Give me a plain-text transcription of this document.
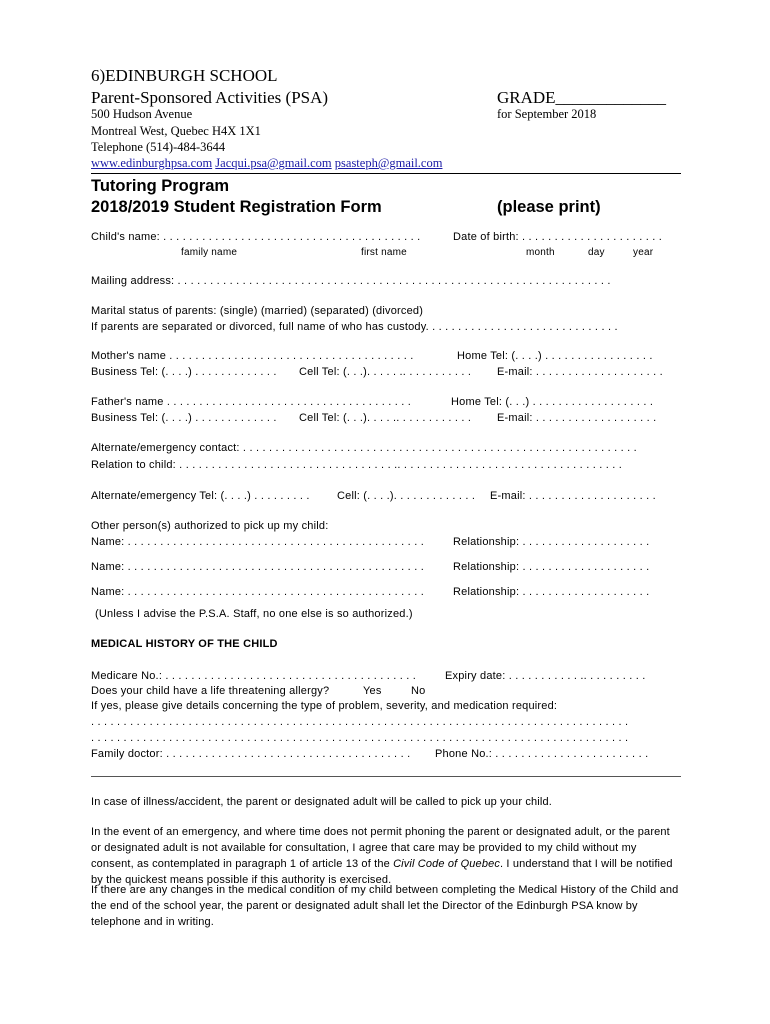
6)EDINBURGH SCHOOL
Parent-Sponsored Activities (PSA)	GRADE_____________
500 Hudson Avenue	for September 2018
Montreal West, Quebec H4X 1X1
Telephone (514)-484-3644
www.edinburghpsa.com Jacqui.psa@gmail.com psasteph@gmail.com
Tutoring Program
2018/2019 Student Registration Form	(please print)
Child's name: . . . . . . . . . . . . . . . . . . . . . . . . . . . . . . . . . . . . . . . .	Date of birth: . . . . . . . . . . . . . . . . . . . . . .
family name	first name	month	day	year
Mailing address: . . . . . . . . . . . . . . . . . . . . . . . . . . . . . . . . . . . . . . . . . . . . . . . . . . . . . . . . . . . . . . . . . . .
Marital status of parents: (single) (married) (separated) (divorced)
If parents are separated or divorced, full name of who has custody. . . . . . . . . . . . . . . . . . . . . . . . . . . . . .
Mother's name . . . . . . . . . . . . . . . . . . . . . . . . . . . . . . . . . . . . . .	Home Tel: (. . . .) . . . . . . . . . . . . . . . . .
Business Tel: (. . . .) . . . . . . . . . . . . . Cell Tel: (. . .). . . . . .. . . . . . . . . . . E-mail: . . . . . . . . . . . . . . . . . . . .
Father's name . . . . . . . . . . . . . . . . . . . . . . . . . . . . . . . . . . . . . .	Home Tel: (. . .) . . . . . . . . . . . . . . . . . . .
Business Tel: (. . . .) . . . . . . . . . . . . . Cell Tel: (. . .). . . . .. . . . . . . . . . . . E-mail: . . . . . . . . . . . . . . . . . . .
Alternate/emergency contact: . . . . . . . . . . . . . . . . . . . . . . . . . . . . . . . . . . . . . . . . . . . . . . . . . . . . . . . . . . . . .
Relation to child: . . . . . . . . . . . . . . . . . . . . . . . . . . . . . . . . . .. . . . . . . . . . . . . . . . . . . . . . . . . . . . . . . . . . .
Alternate/emergency Tel: (. . . .) . . . . . . . . . Cell: (. . . .). . . . . . . . . . . . . E-mail: . . . . . . . . . . . . . . . . . . . .
Other person(s) authorized to pick up my child:
Name: . . . . . . . . . . . . . . . . . . . . . . . . . . . . . . . . . . . . . . . . . . . . . .	Relationship: . . . . . . . . . . . . . . . . . . . .
Name: . . . . . . . . . . . . . . . . . . . . . . . . . . . . . . . . . . . . . . . . . . . . . .	Relationship: . . . . . . . . . . . . . . . . . . . .
Name: . . . . . . . . . . . . . . . . . . . . . . . . . . . . . . . . . . . . . . . . . . . . . .	Relationship: . . . . . . . . . . . . . . . . . . . .
(Unless I advise the P.S.A. Staff, no one else is so authorized.)
MEDICAL HISTORY OF THE CHILD
Medicare No.: . . . . . . . . . . . . . . . . . . . . . . . . . . . . . . . . . . . . . . .	Expiry date: . . . . . . . . . . . .. . . . . . . . . .
Does your child have a life threatening allergy?	Yes	No
If yes, please give details concerning the type of problem, severity, and medication required:
. . . . . . . . . . . . . . . . . . . . . . . . . . . . . . . . . . . . . . . . . . . . . . . . . . . . . . . . . . . . . . . . . . . . . . . . . . . . . . . . . . .
. . . . . . . . . . . . . . . . . . . . . . . . . . . . . . . . . . . . . . . . . . . . . . . . . . . . . . . . . . . . . . . . . . . . . . . . . . . . . . . . . . .
Family doctor: . . . . . . . . . . . . . . . . . . . . . . . . . . . . . . . . . . . . . . Phone No.: . . . . . . . . . . . . . . . . . . . . . . . .
In case of illness/accident, the parent or designated adult will be called to pick up your child.
In the event of an emergency, and where time does not permit phoning the parent or designated adult, or the parent or designated adult is not available for consultation, I agree that care may be provided to my child without my consent, as contemplated in paragraph 1 of article 13 of the Civil Code of Quebec. I understand that I will be notified by the quickest means possible if this authority is exercised.
If there are any changes in the medical condition of my child between completing the Medical History of the Child and the end of the school year, the parent or designated adult shall let the Director of the Edinburgh PSA know by telephone and in writing.
